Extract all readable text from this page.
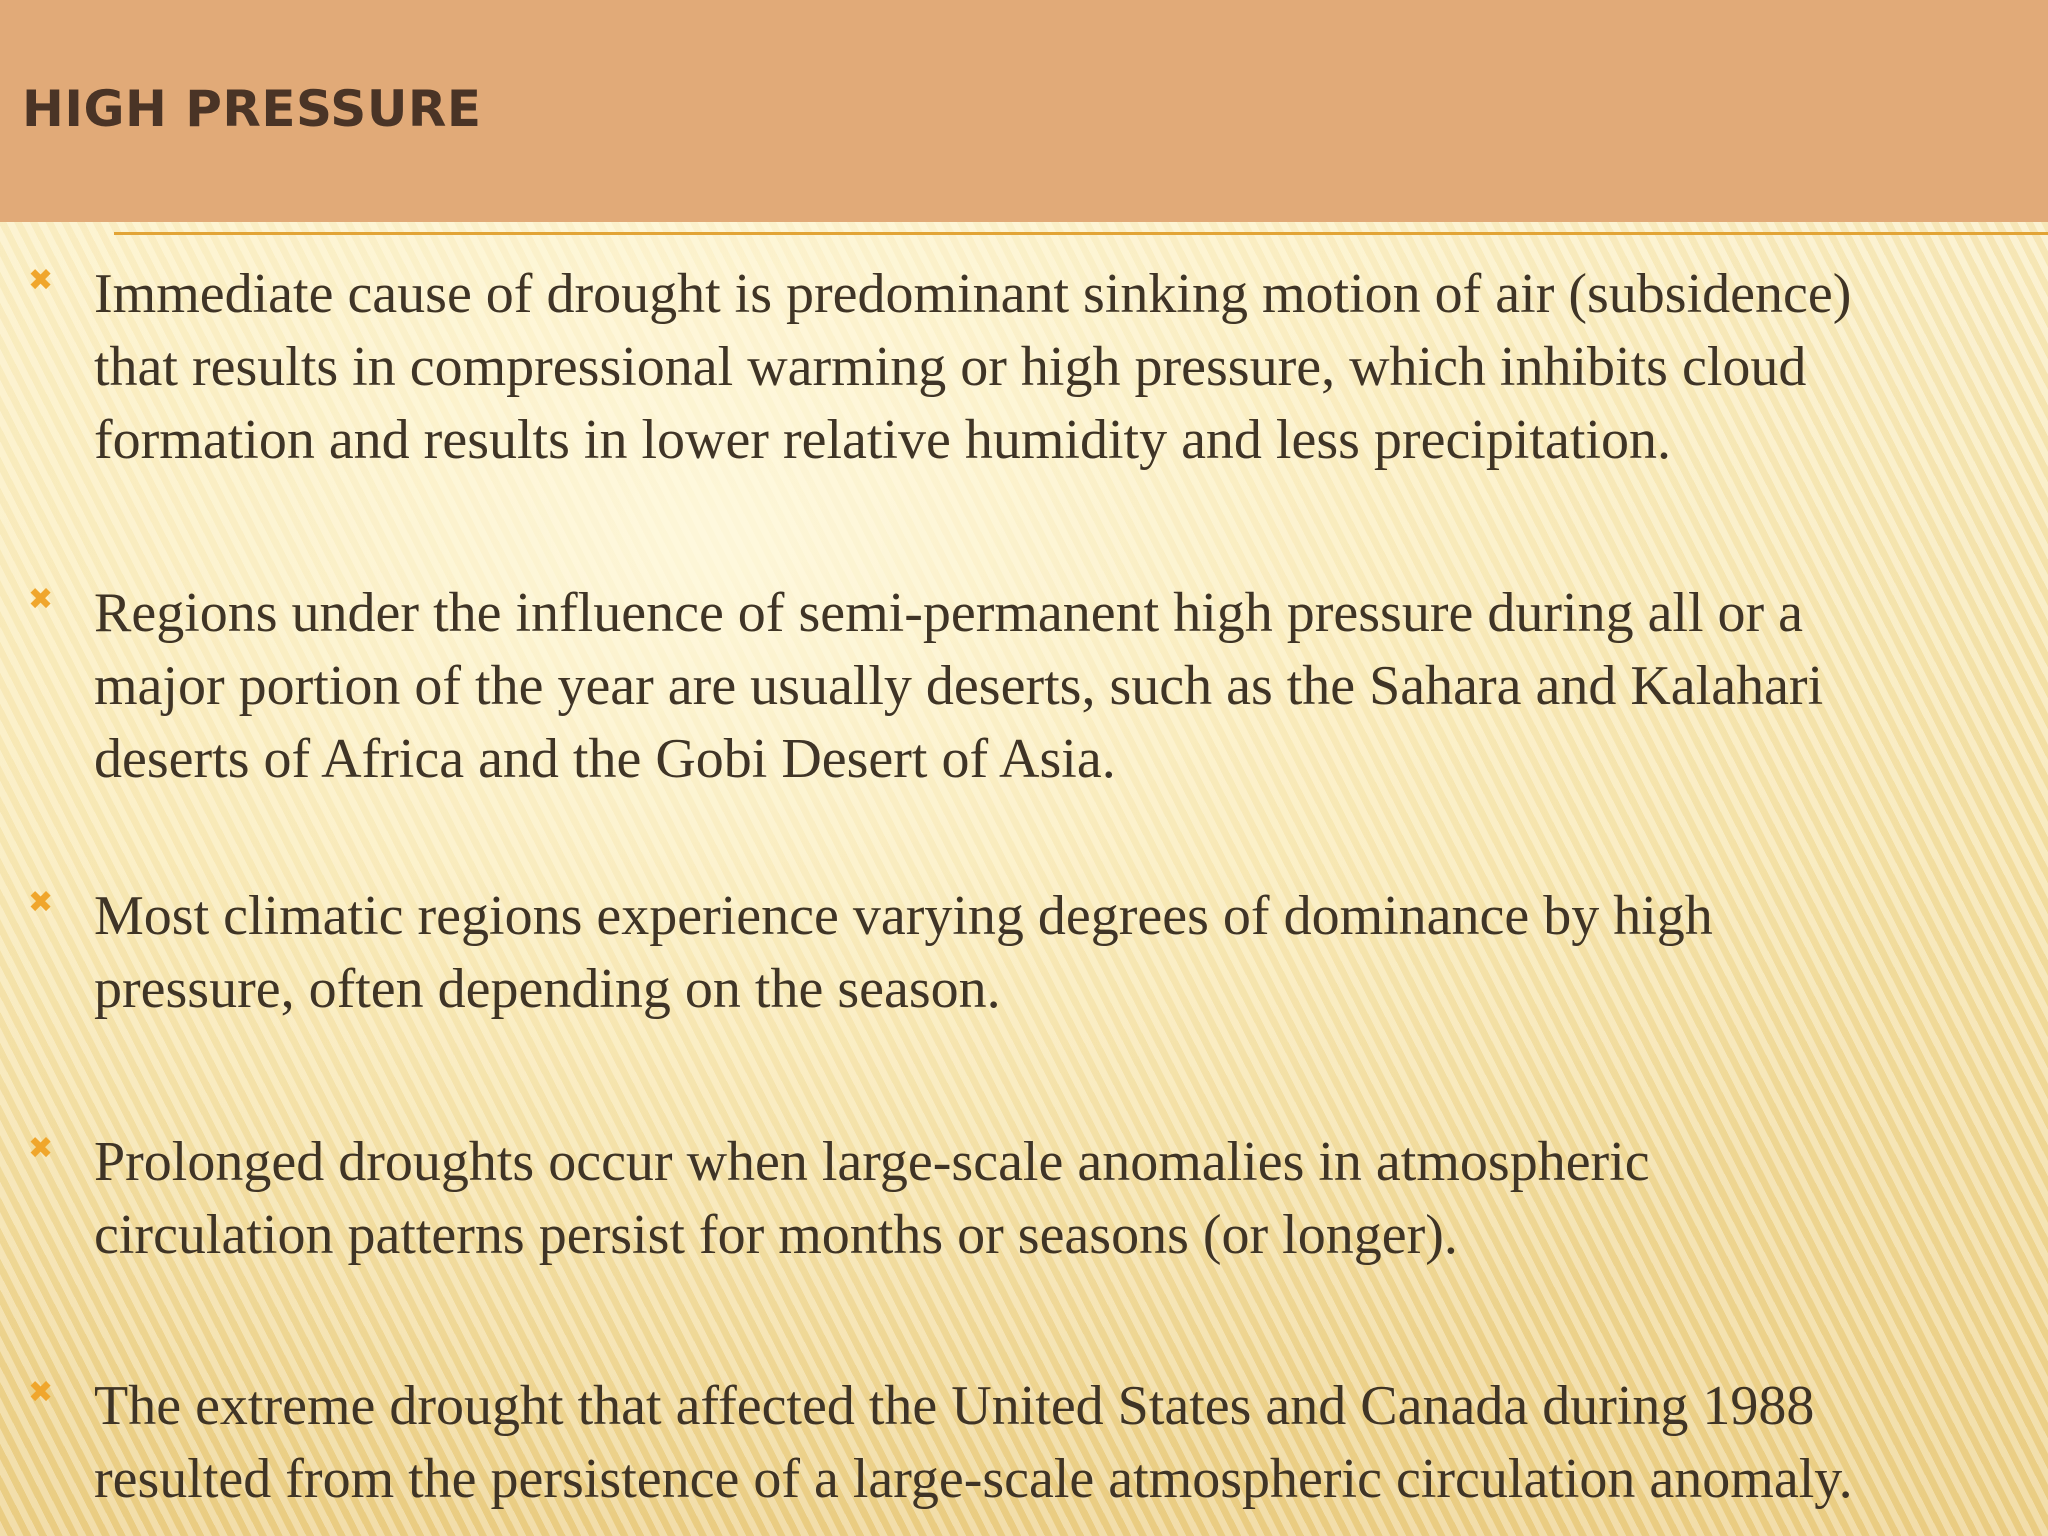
HIGH PRESSURE
✖ Immediate cause of drought is predominant sinking motion of air (subsidence)
that results in compressional warming or high pressure, which inhibits cloud
formation and results in lower relative humidity and less precipitation.

✖ Regions under the influence of semi-permanent high pressure during all or a
major portion of the year are usually deserts, such as the Sahara and Kalahari
deserts of Africa and the Gobi Desert of Asia.

✖ Most climatic regions experience varying degrees of dominance by high
pressure, often depending on the season.

✖ Prolonged droughts occur when large-scale anomalies in atmospheric
circulation patterns persist for months or seasons (or longer).

✖ The extreme drought that affected the United States and Canada during 1988
resulted from the persistence of a large-scale atmospheric circulation anomaly.
